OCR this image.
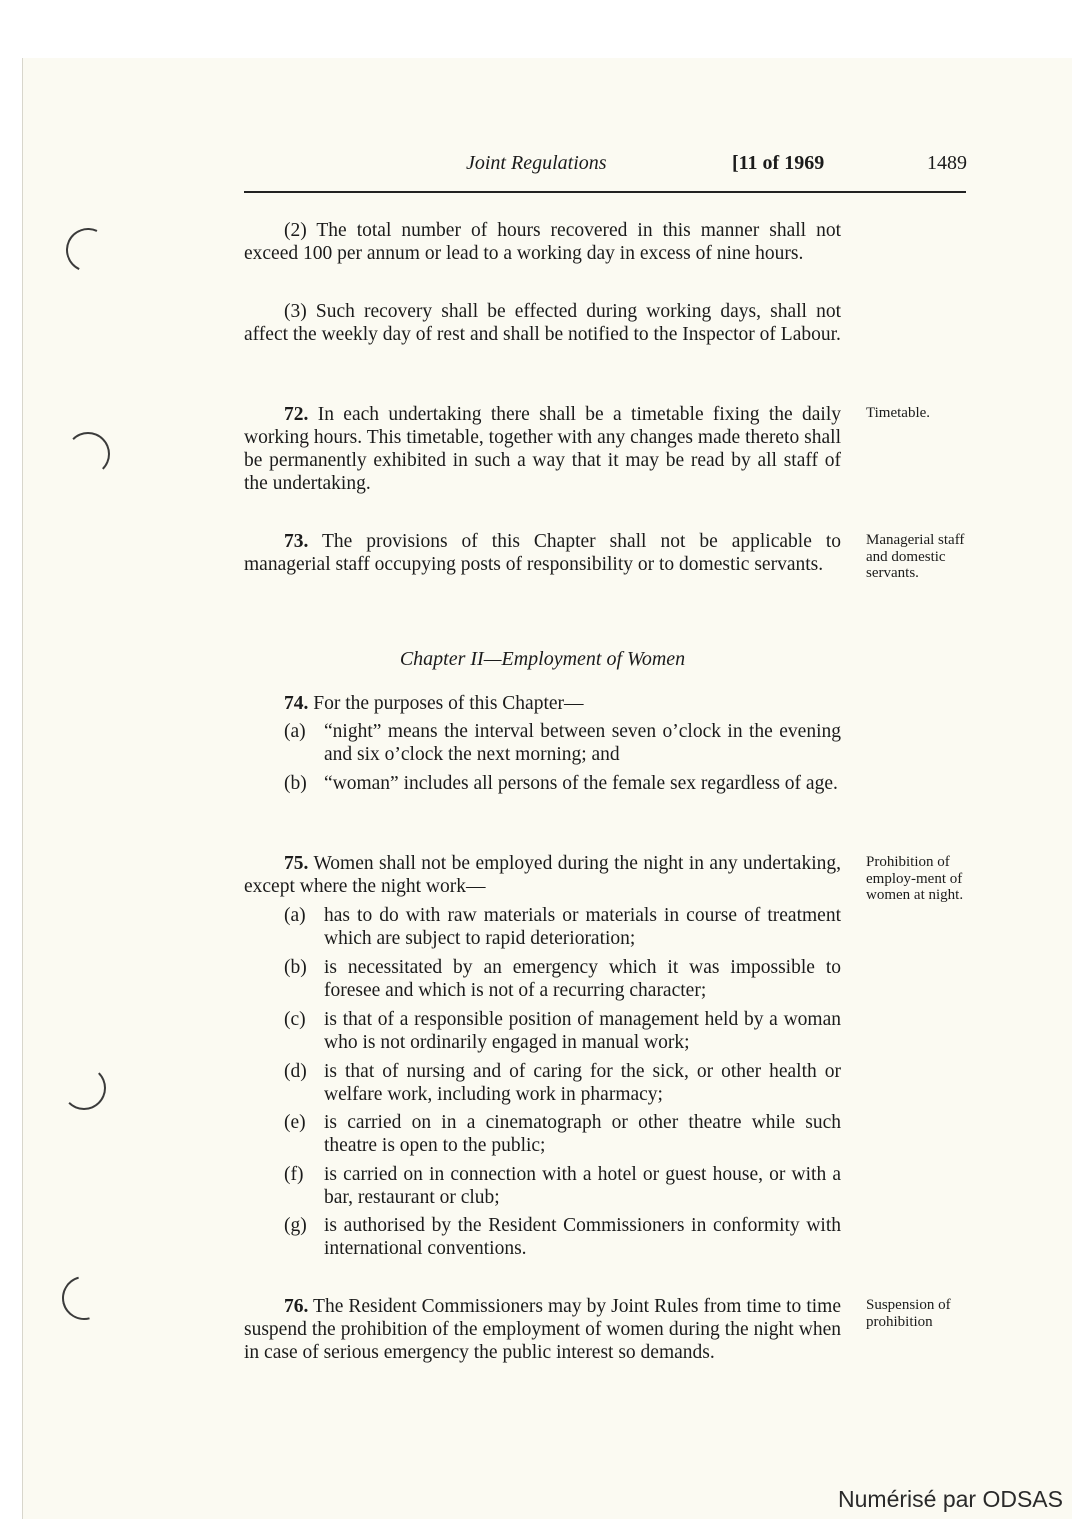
Joint Regulations	[11 of 1969	1489

(2) The total number of hours recovered in this manner shall not exceed 100 per annum or lead to a working day in excess of nine hours.

(3) Such recovery shall be effected during working days, shall not affect the weekly day of rest and shall be notified to the Inspector of Labour.

72. In each undertaking there shall be a timetable fixing the daily working hours. This timetable, together with any changes made thereto shall be permanently exhibited in such a way that it may be read by all staff of the undertaking.

Timetable.

73. The provisions of this Chapter shall not be applicable to managerial staff occupying posts of responsibility or to domestic servants.

Managerial staff and domestic servants.
Chapter II—Employment of Women

74. For the purposes of this Chapter—

(a) “night” means the interval between seven o’clock in the evening and six o’clock the next morning; and
(b) “woman” includes all persons of the female sex regardless of age.

75. Women shall not be employed during the night in any undertaking, except where the night work—

Prohibition of employ-ment of women at night.
(a) has to do with raw materials or materials in course of treatment which are subject to rapid deterioration;
(b) is necessitated by an emergency which it was impossible to foresee and which is not of a recurring character;
(c) is that of a responsible position of management held by a woman who is not ordinarily engaged in manual work;
(d) is that of nursing and of caring for the sick, or other health or welfare work, including work in pharmacy;
(e) is carried on in a cinematograph or other theatre while such theatre is open to the public;
(f) is carried on in connection with a hotel or guest house, or with a bar, restaurant or club;
(g) is authorised by the Resident Commissioners in conformity with international conventions.

76. The Resident Commissioners may by Joint Rules from time to time suspend the prohibition of the employment of women during the night when in case of serious emergency the public interest so demands.

Suspension of prohibition
Numérisé par ODSAS
